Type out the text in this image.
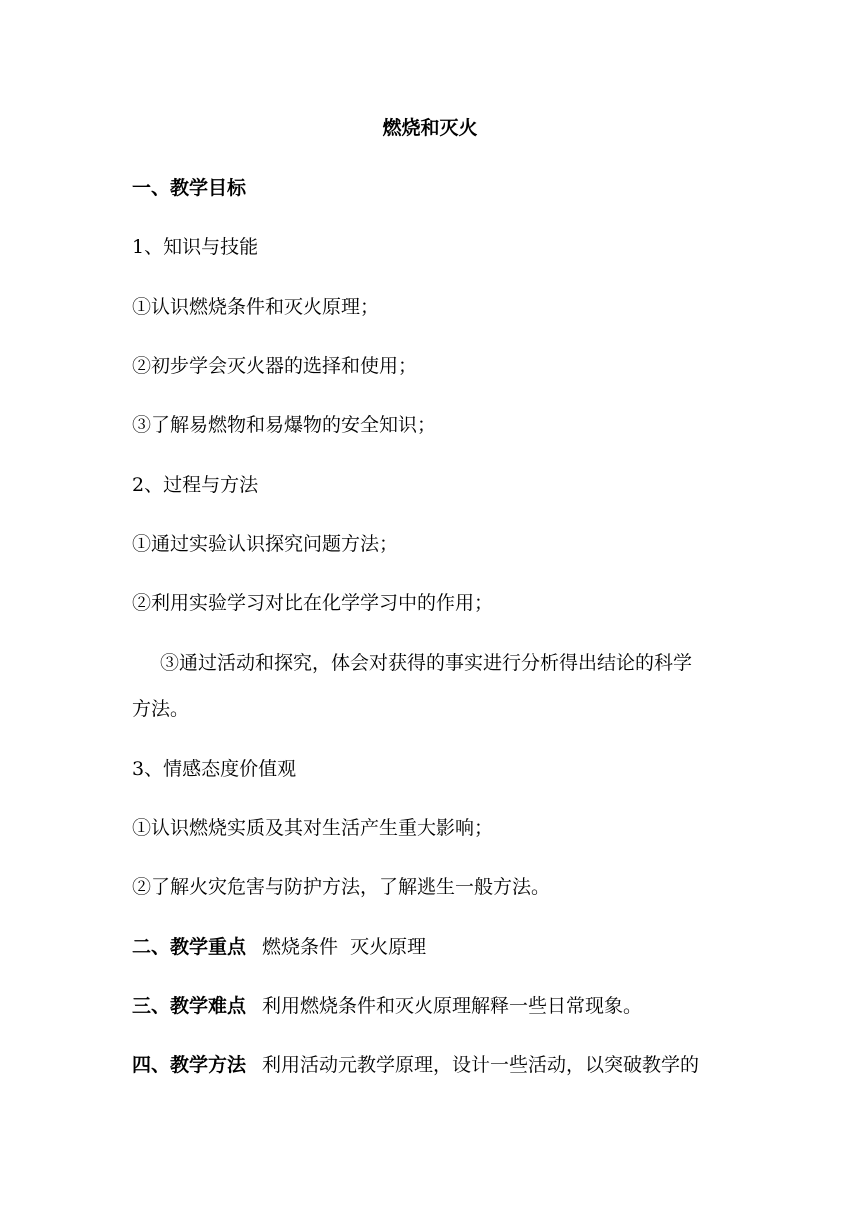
燃烧和灭火
一、教学目标
1、知识与技能
①认识燃烧条件和灭火原理；
②初步学会灭火器的选择和使用；
③了解易燃物和易爆物的安全知识；
2、过程与方法
①通过实验认识探究问题方法；
②利用实验学习对比在化学学习中的作用；
③通过活动和探究，体会对获得的事实进行分析得出结论的科学
方法。
3、情感态度价值观
①认识燃烧实质及其对生活产生重大影响；
②了解火灾危害与防护方法，了解逃生一般方法。
二、教学重点 燃烧条件  灭火原理
三、教学难点 利用燃烧条件和灭火原理解释一些日常现象。
四、教学方法 利用活动元教学原理，设计一些活动，以突破教学的
